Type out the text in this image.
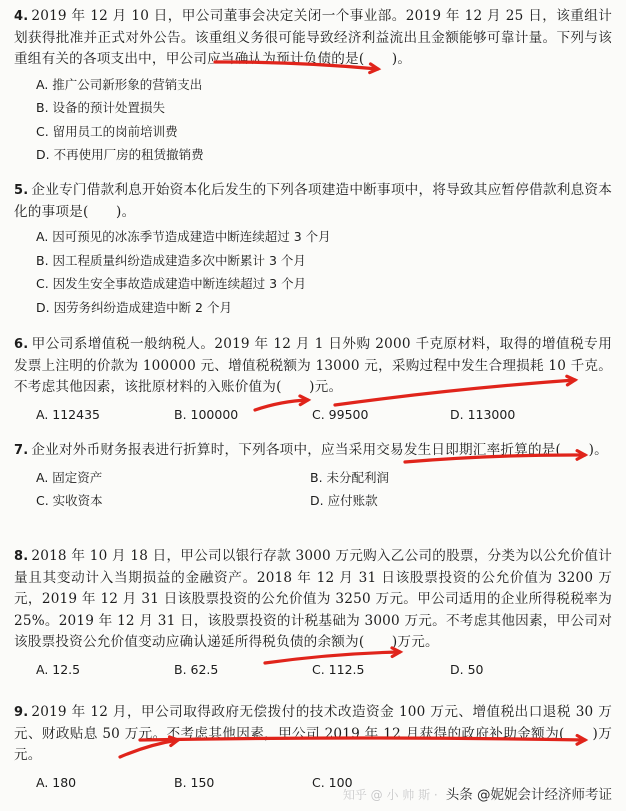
4. 2019 年 12 月 10 日，甲公司董事会决定关闭一个事业部。2019 年 12 月 25 日，该重组计划获得批准并正式对外公告。该重组义务很可能导致经济利益流出且金额能够可靠计量。下列与该重组有关的各项支出中，甲公司应当确认为预计负债的是(　　)。

A. 推广公司新形象的营销支出
B. 设备的预计处置损失
C. 留用员工的岗前培训费
D. 不再使用厂房的租赁撤销费

5. 企业专门借款利息开始资本化后发生的下列各项建造中断事项中，将导致其应暂停借款利息资本化的事项是(　　)。

A. 因可预见的冰冻季节造成建造中断连续超过 3 个月
B. 因工程质量纠纷造成建造多次中断累计 3 个月
C. 因发生安全事故造成建造中断连续超过 3 个月
D. 因劳务纠纷造成建造中断 2 个月

6. 甲公司系增值税一般纳税人。2019 年 12 月 1 日外购 2000 千克原材料，取得的增值税专用发票上注明的价款为 100000 元、增值税税额为 13000 元，采购过程中发生合理损耗 10 千克。不考虑其他因素，该批原材料的入账价值为(　　)元。

A. 112435	B. 100000	C. 99500	D. 113000

7. 企业对外币财务报表进行折算时，下列各项中，应当采用交易发生日即期汇率折算的是(　　)。

A. 固定资产	B. 未分配利润
C. 实收资本	D. 应付账款

8. 2018 年 10 月 18 日，甲公司以银行存款 3000 万元购入乙公司的股票，分类为以公允价值计量且其变动计入当期损益的金融资产。2018 年 12 月 31 日该股票投资的公允价值为 3200 万元，2019 年 12 月 31 日该股票投资的公允价值为 3250 万元。甲公司适用的企业所得税税率为 25%。2019 年 12 月 31 日，该股票投资的计税基础为 3000 万元。不考虑其他因素，甲公司对该股票投资公允价值变动应确认递延所得税负债的余额为(　　)万元。

A. 12.5	B. 62.5	C. 112.5	D. 50

9. 2019 年 12 月，甲公司取得政府无偿拨付的技术改造资金 100 万元、增值税出口退税 30 万元、财政贴息 50 万元。不考虑其他因素，甲公司 2019 年 12 月获得的政府补助金额为(　　)万元。

A. 180	B. 150	C. 100
知乎 @ 小 帅 斯 · 头条 @妮妮会计经济师考证
